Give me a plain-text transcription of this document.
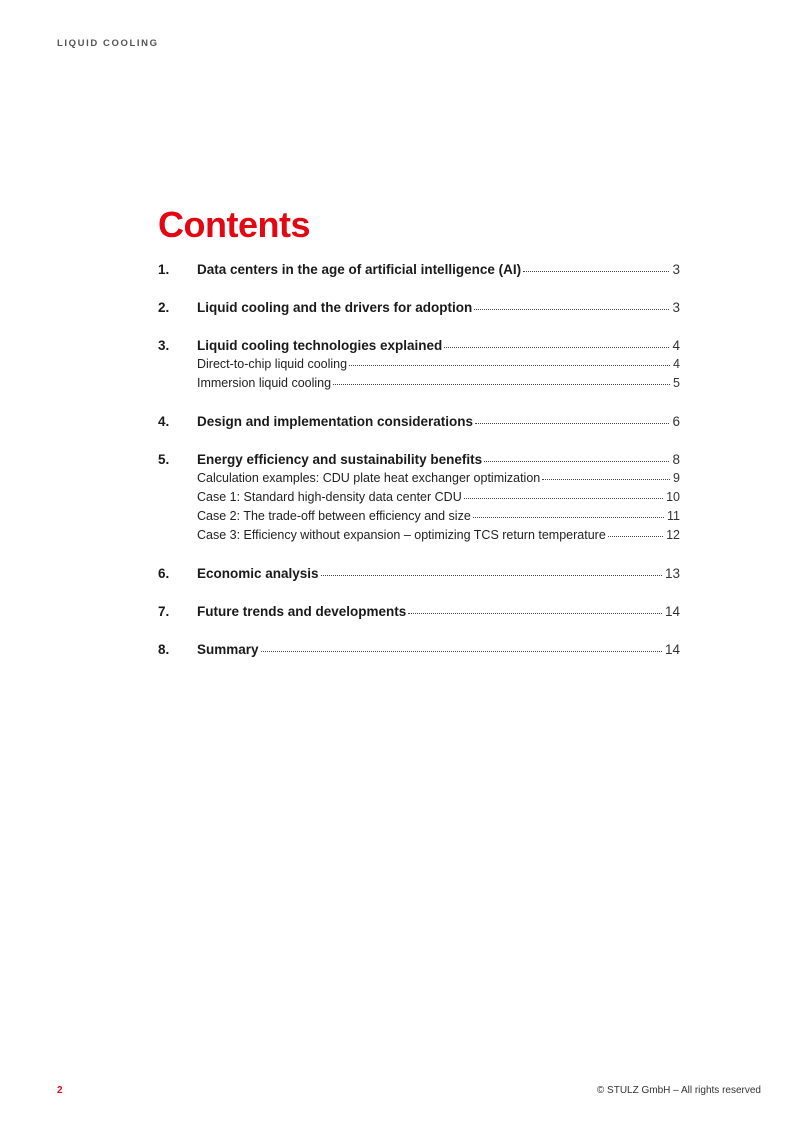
LIQUID COOLING
Contents
1.	Data centers in the age of artificial intelligence (AI)	3
2.	Liquid cooling and the drivers for adoption	3
3.	Liquid cooling technologies explained	4
Direct-to-chip liquid cooling	4
Immersion liquid cooling	5
4.	Design and implementation considerations	6
5.	Energy efficiency and sustainability benefits	8
Calculation examples: CDU plate heat exchanger optimization	9
Case 1: Standard high-density data center CDU	10
Case 2: The trade-off between efficiency and size	11
Case 3: Efficiency without expansion – optimizing TCS return temperature	12
6.	Economic analysis	13
7.	Future trends and developments	14
8.	Summary	14
2	© STULZ GmbH – All rights reserved
